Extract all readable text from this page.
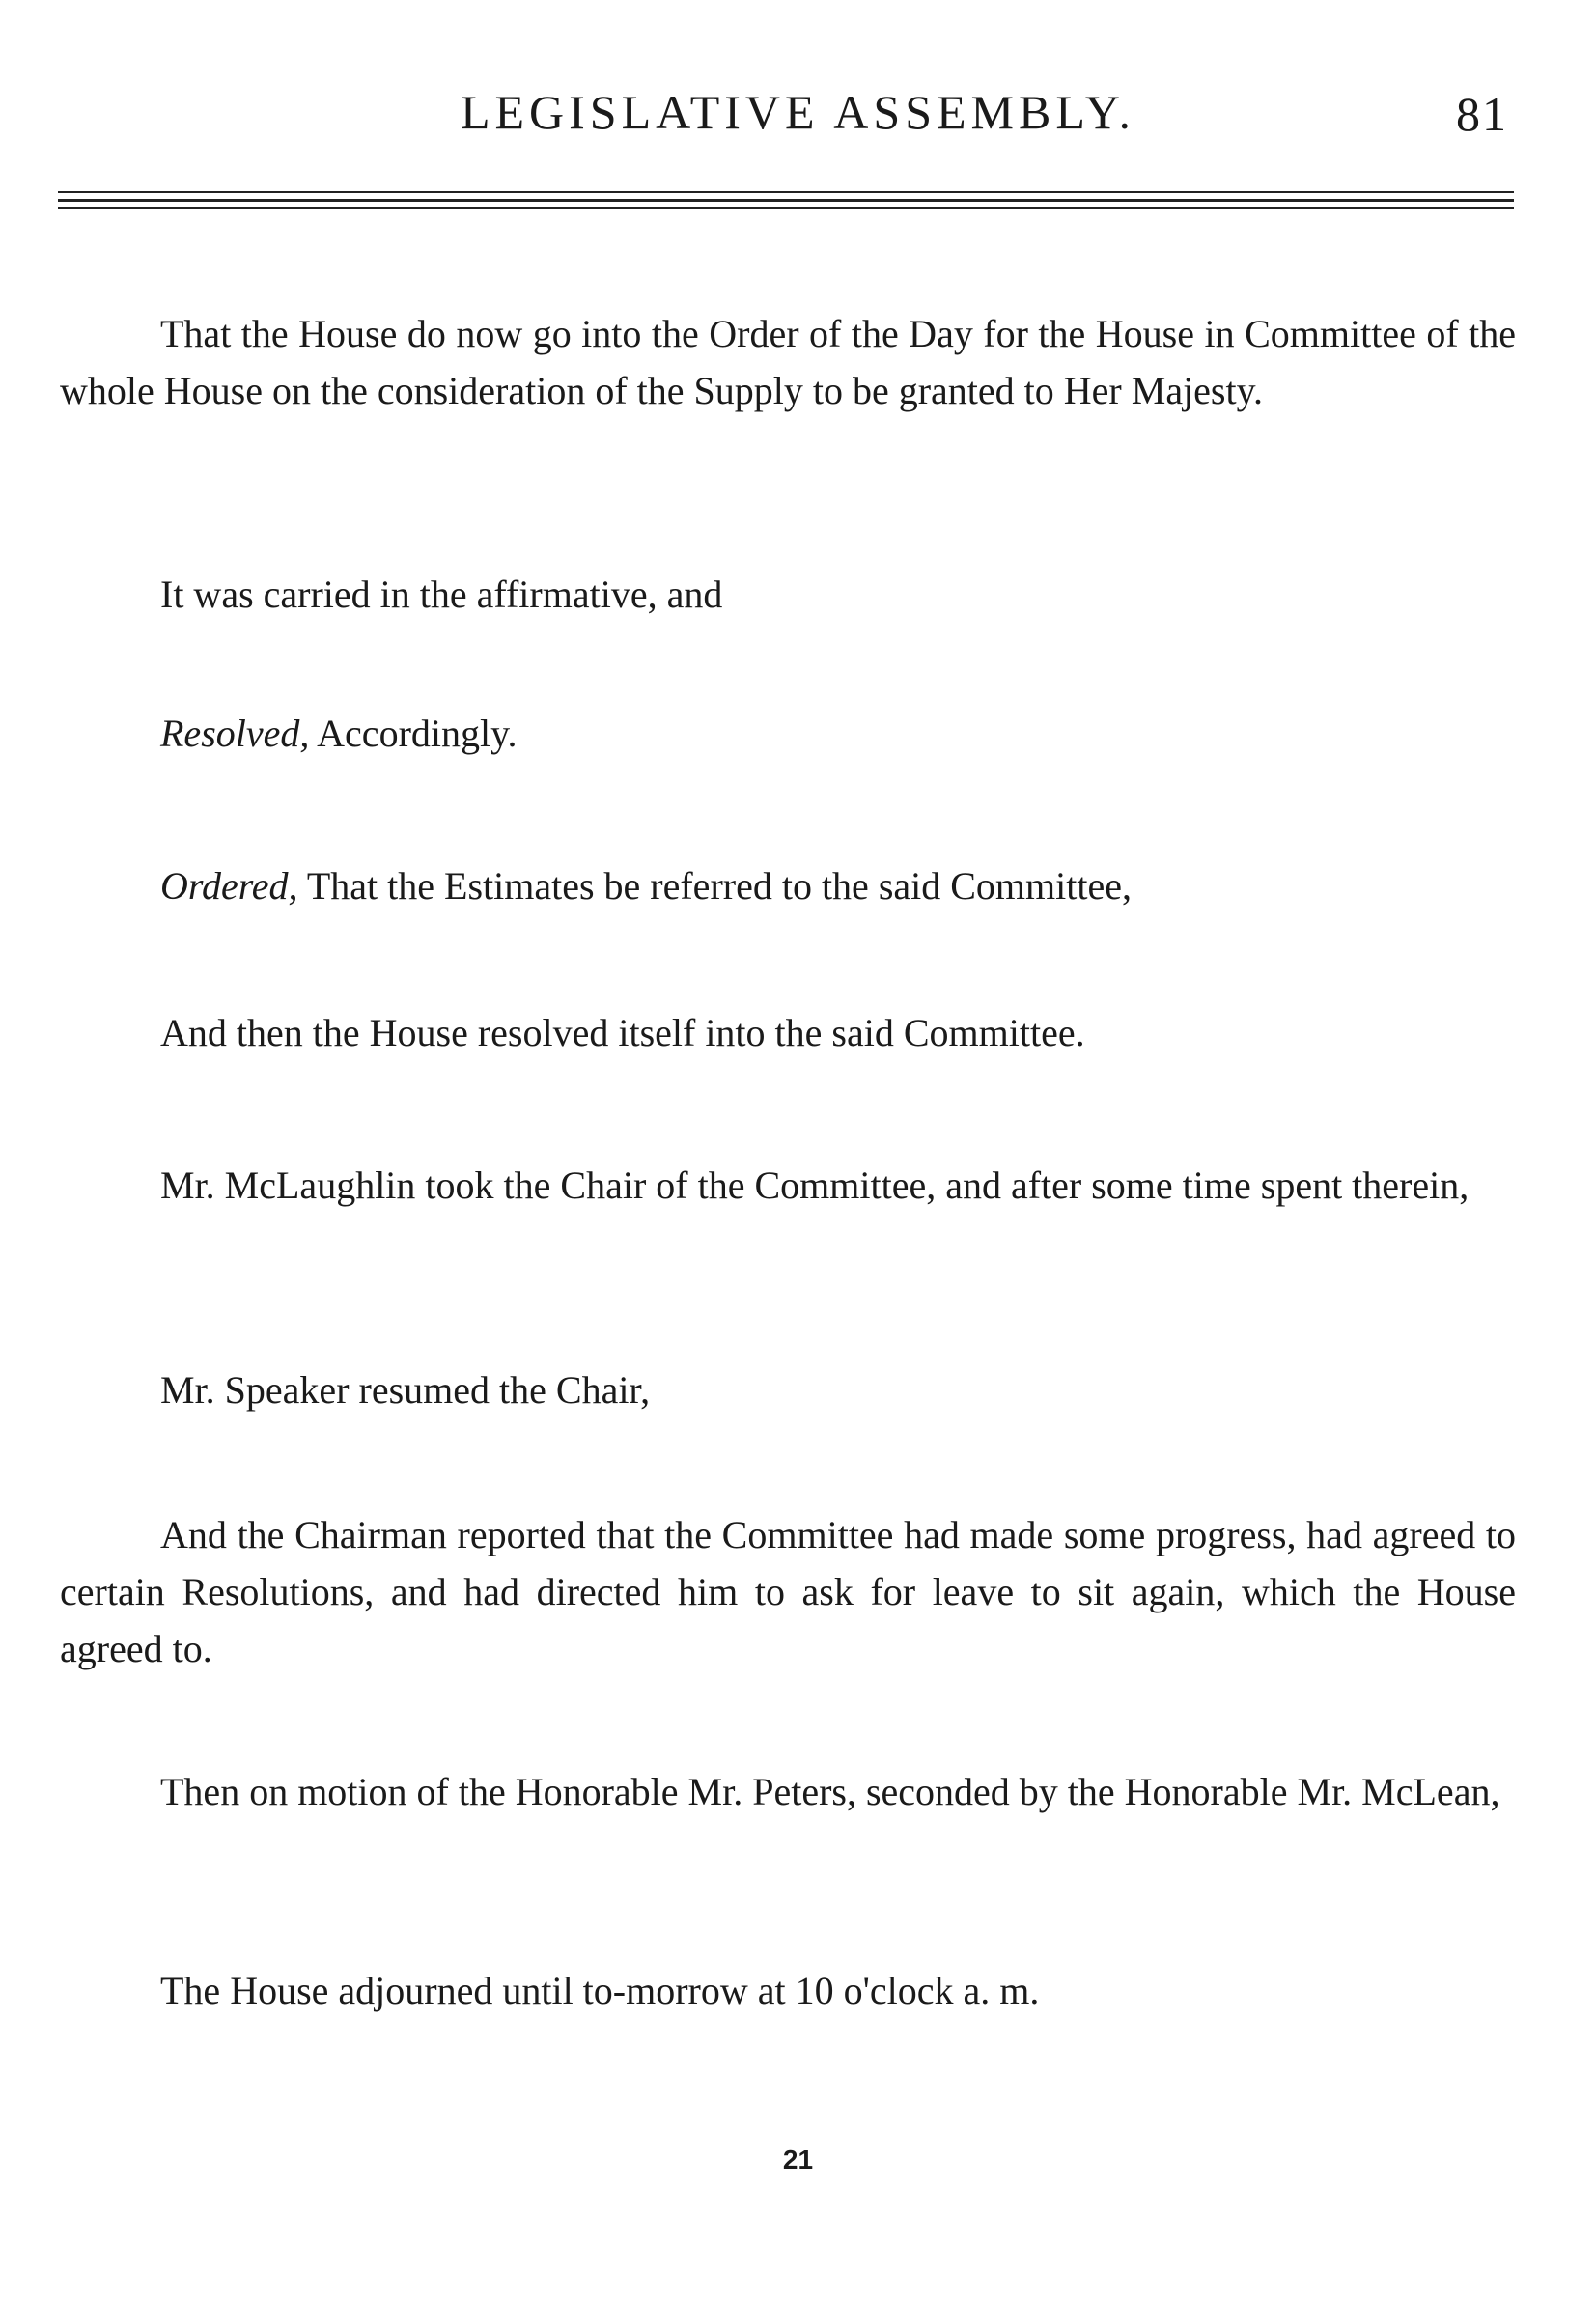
LEGISLATIVE ASSEMBLY.	81

That the House do now go into the Order of the Day for the House in Committee of the whole House on the consideration of the Supply to be granted to Her Majesty.

It was carried in the affirmative, and
Resolved, Accordingly.
Ordered, That the Estimates be referred to the said Committee,
And then the House resolved itself into the said Committee.

Mr. McLaughlin took the Chair of the Committee, and after some time spent therein,

Mr. Speaker resumed the Chair,

And the Chairman reported that the Committee had made some progress, had agreed to certain Resolutions, and had directed him to ask for leave to sit again, which the House agreed to.

Then on motion of the Honorable Mr. Peters, seconded by the Honorable Mr. McLean,

The House adjourned until to-morrow at 10 o'clock a. m.
21
